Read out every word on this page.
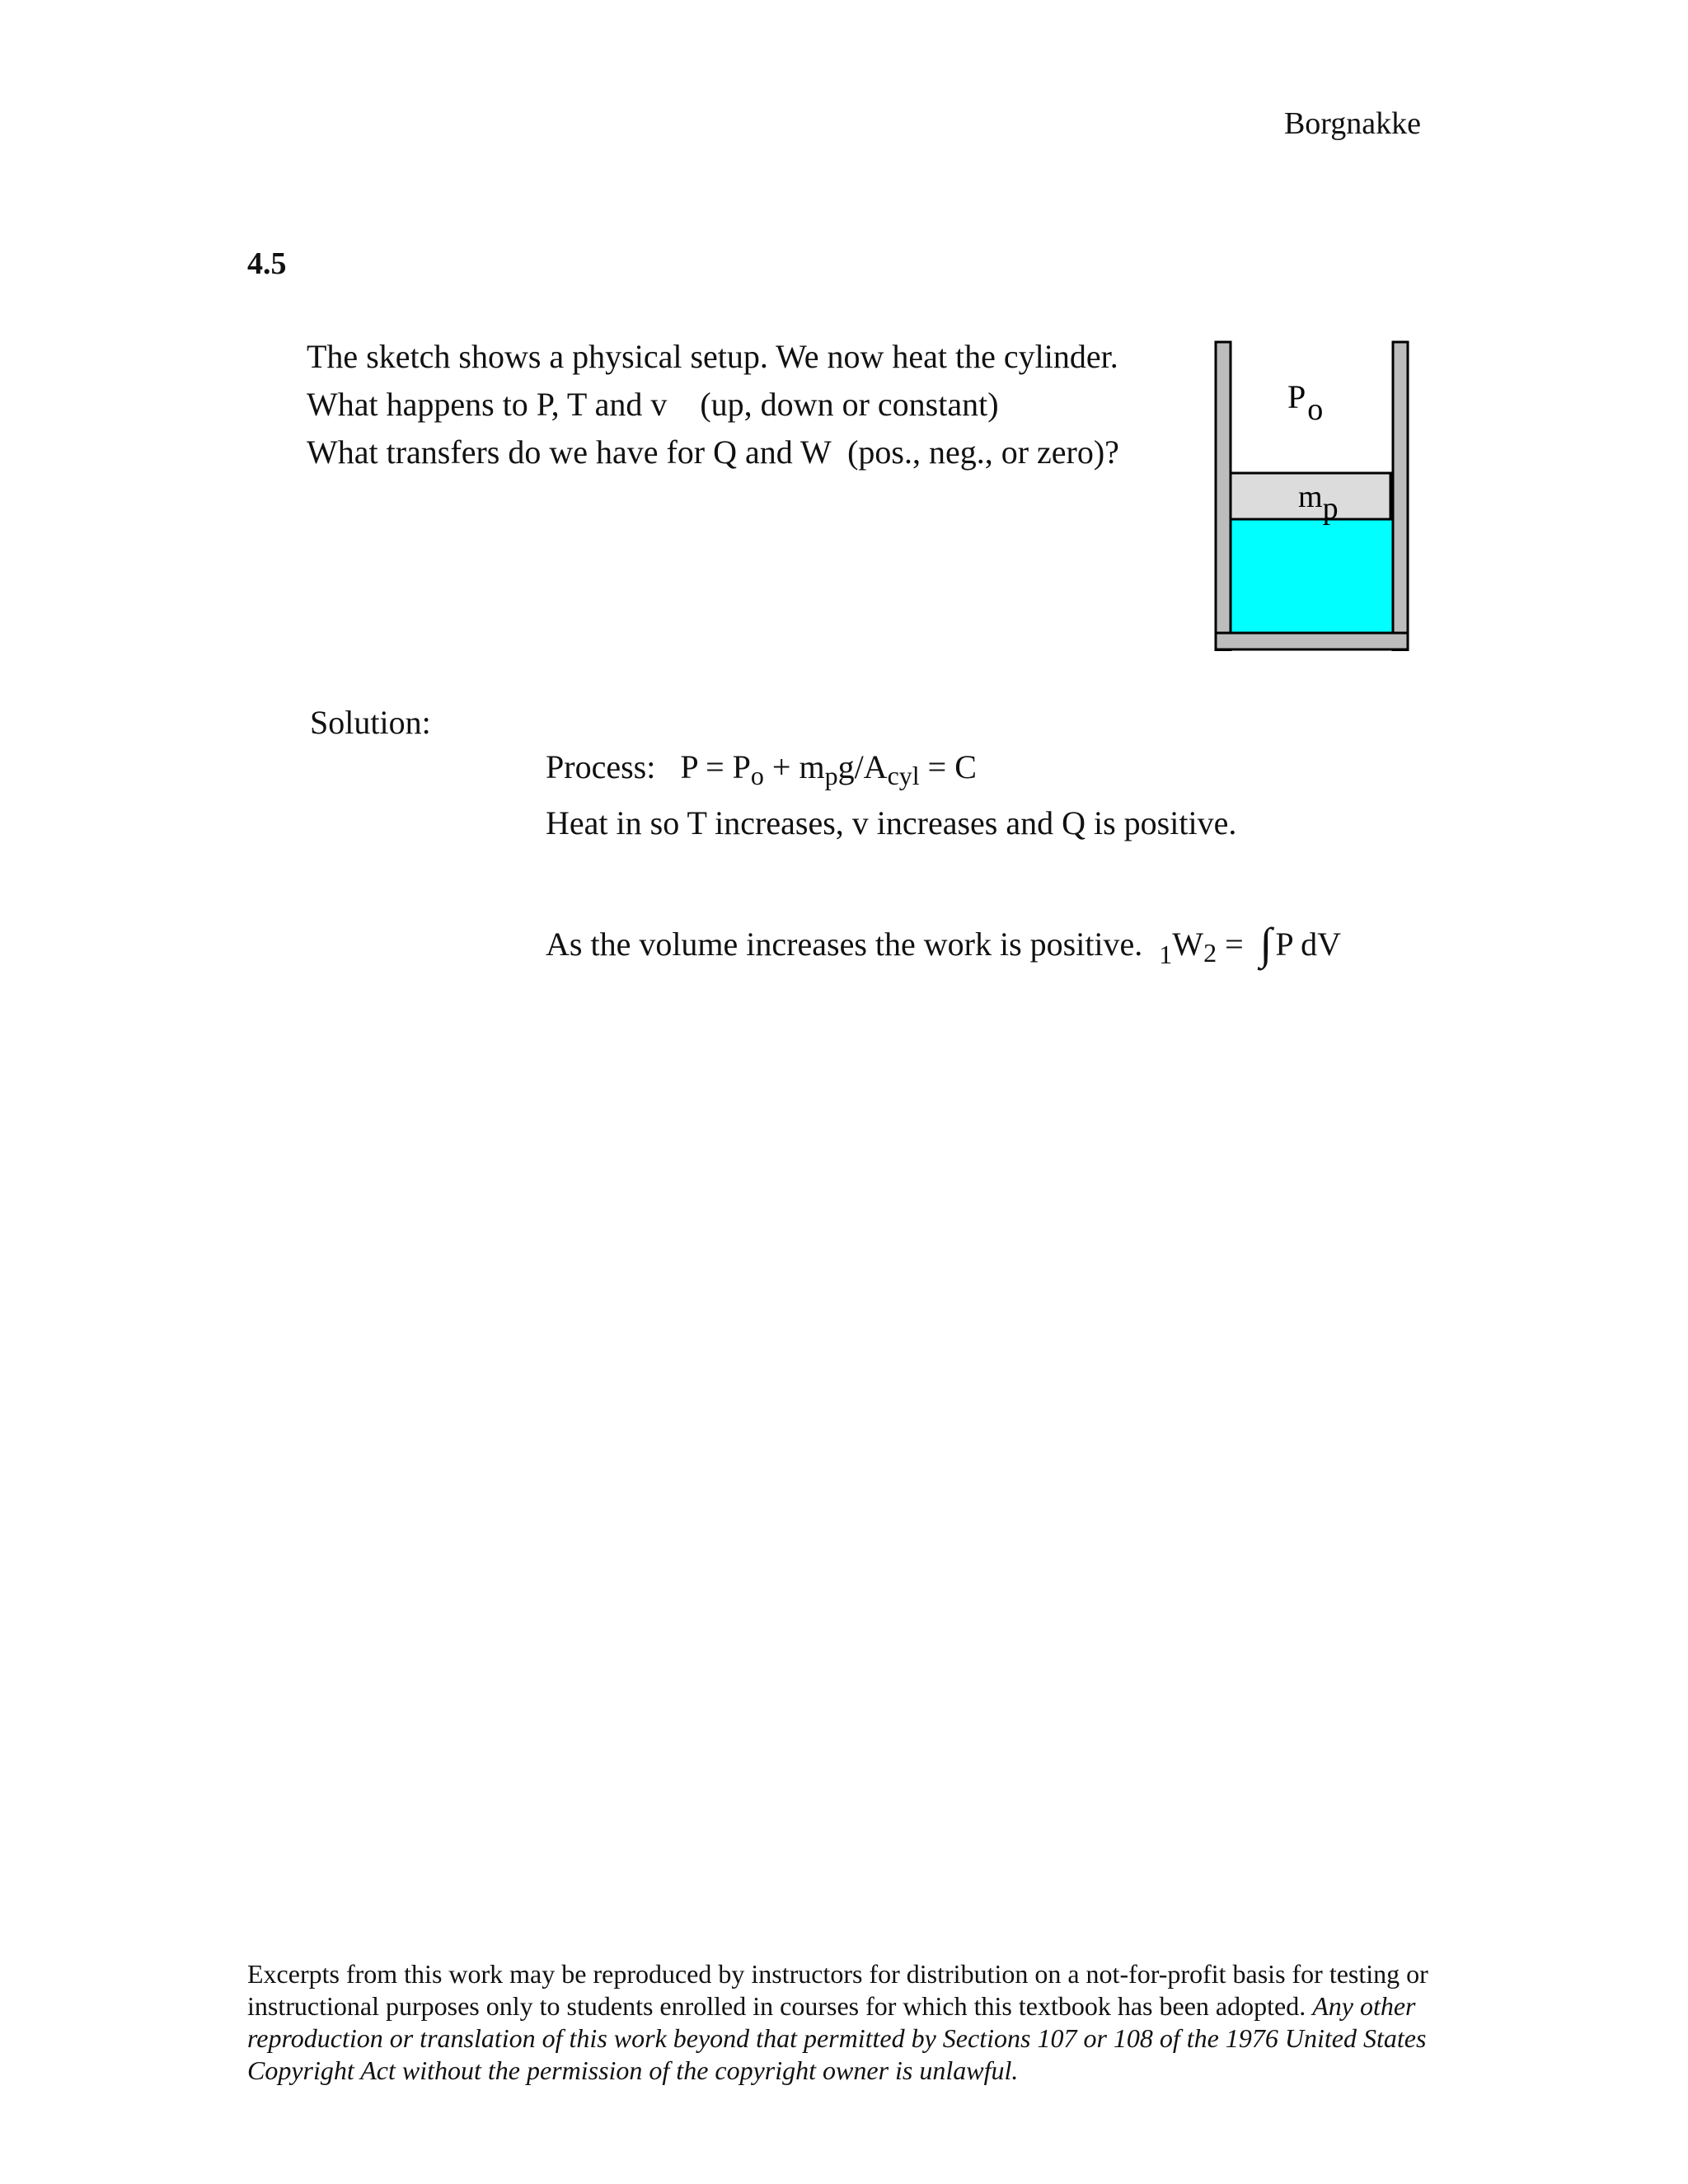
Borgnakke
4.5
The sketch shows a physical setup. We now heat the cylinder.
What happens to P, T and v    (up, down or constant)
What transfers do we have for Q and W  (pos., neg., or zero)?
Po
mp
Solution:
Process:   $P = P_o + m_pg/A_{cyl} = C$
Heat in so T increases, v increases and Q is positive.
As the volume increases the work is positive. $_1W_2$ = ∫ P dV
Excerpts from this work may be reproduced by instructors for distribution on a not-for-profit basis for testing or instructional purposes only to students enrolled in courses for which this textbook has been adopted. Any other reproduction or translation of this work beyond that permitted by Sections 107 or 108 of the 1976 United States Copyright Act without the permission of the copyright owner is unlawful.
